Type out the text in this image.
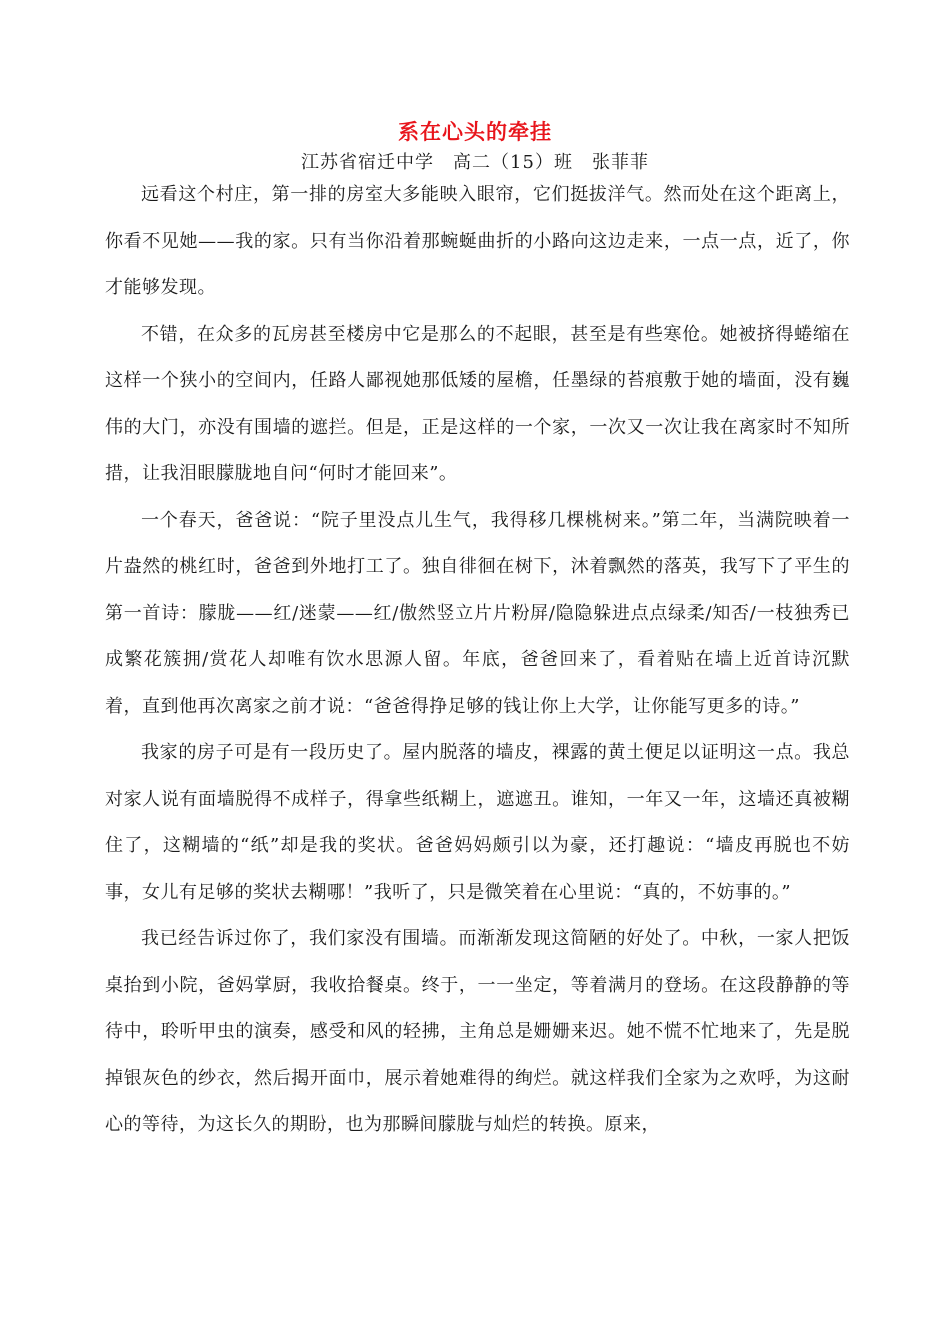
系在心头的牵挂
江苏省宿迁中学　高二（15）班　张菲菲

远看这个村庄，第一排的房室大多能映入眼帘，它们挺拔洋气。然而处在这个距离上，你看不见她——我的家。只有当你沿着那蜿蜒曲折的小路向这边走来，一点一点，近了，你才能够发现。

不错，在众多的瓦房甚至楼房中它是那么的不起眼，甚至是有些寒伧。她被挤得蜷缩在这样一个狭小的空间内，任路人鄙视她那低矮的屋檐，任墨绿的苔痕敷于她的墙面，没有巍伟的大门，亦没有围墙的遮拦。但是，正是这样的一个家，一次又一次让我在离家时不知所措，让我泪眼朦胧地自问“何时才能回来”。

一个春天，爸爸说：“院子里没点儿生气，我得移几棵桃树来。”第二年，当满院映着一片盎然的桃红时，爸爸到外地打工了。独自徘徊在树下，沐着飘然的落英，我写下了平生的第一首诗：朦胧——红/迷蒙——红/傲然竖立片片粉屏/隐隐躲进点点绿柔/知否/一枝独秀已成繁花簇拥/赏花人却唯有饮水思源人留。年底，爸爸回来了，看着贴在墙上近首诗沉默着，直到他再次离家之前才说：“爸爸得挣足够的钱让你上大学，让你能写更多的诗。”

我家的房子可是有一段历史了。屋内脱落的墙皮，裸露的黄土便足以证明这一点。我总对家人说有面墙脱得不成样子，得拿些纸糊上，遮遮丑。谁知，一年又一年，这墙还真被糊住了，这糊墙的“纸”却是我的奖状。爸爸妈妈颇引以为豪，还打趣说：“墙皮再脱也不妨事，女儿有足够的奖状去糊哪！”我听了，只是微笑着在心里说：“真的，不妨事的。”

我已经告诉过你了，我们家没有围墙。而渐渐发现这简陋的好处了。中秋，一家人把饭桌抬到小院，爸妈掌厨，我收拾餐桌。终于，一一坐定，等着满月的登场。在这段静静的等待中，聆听甲虫的演奏，感受和风的轻拂，主角总是姗姗来迟。她不慌不忙地来了，先是脱掉银灰色的纱衣，然后揭开面巾，展示着她难得的绚烂。就这样我们全家为之欢呼，为这耐心的等待，为这长久的期盼，也为那瞬间朦胧与灿烂的转换。原来，
